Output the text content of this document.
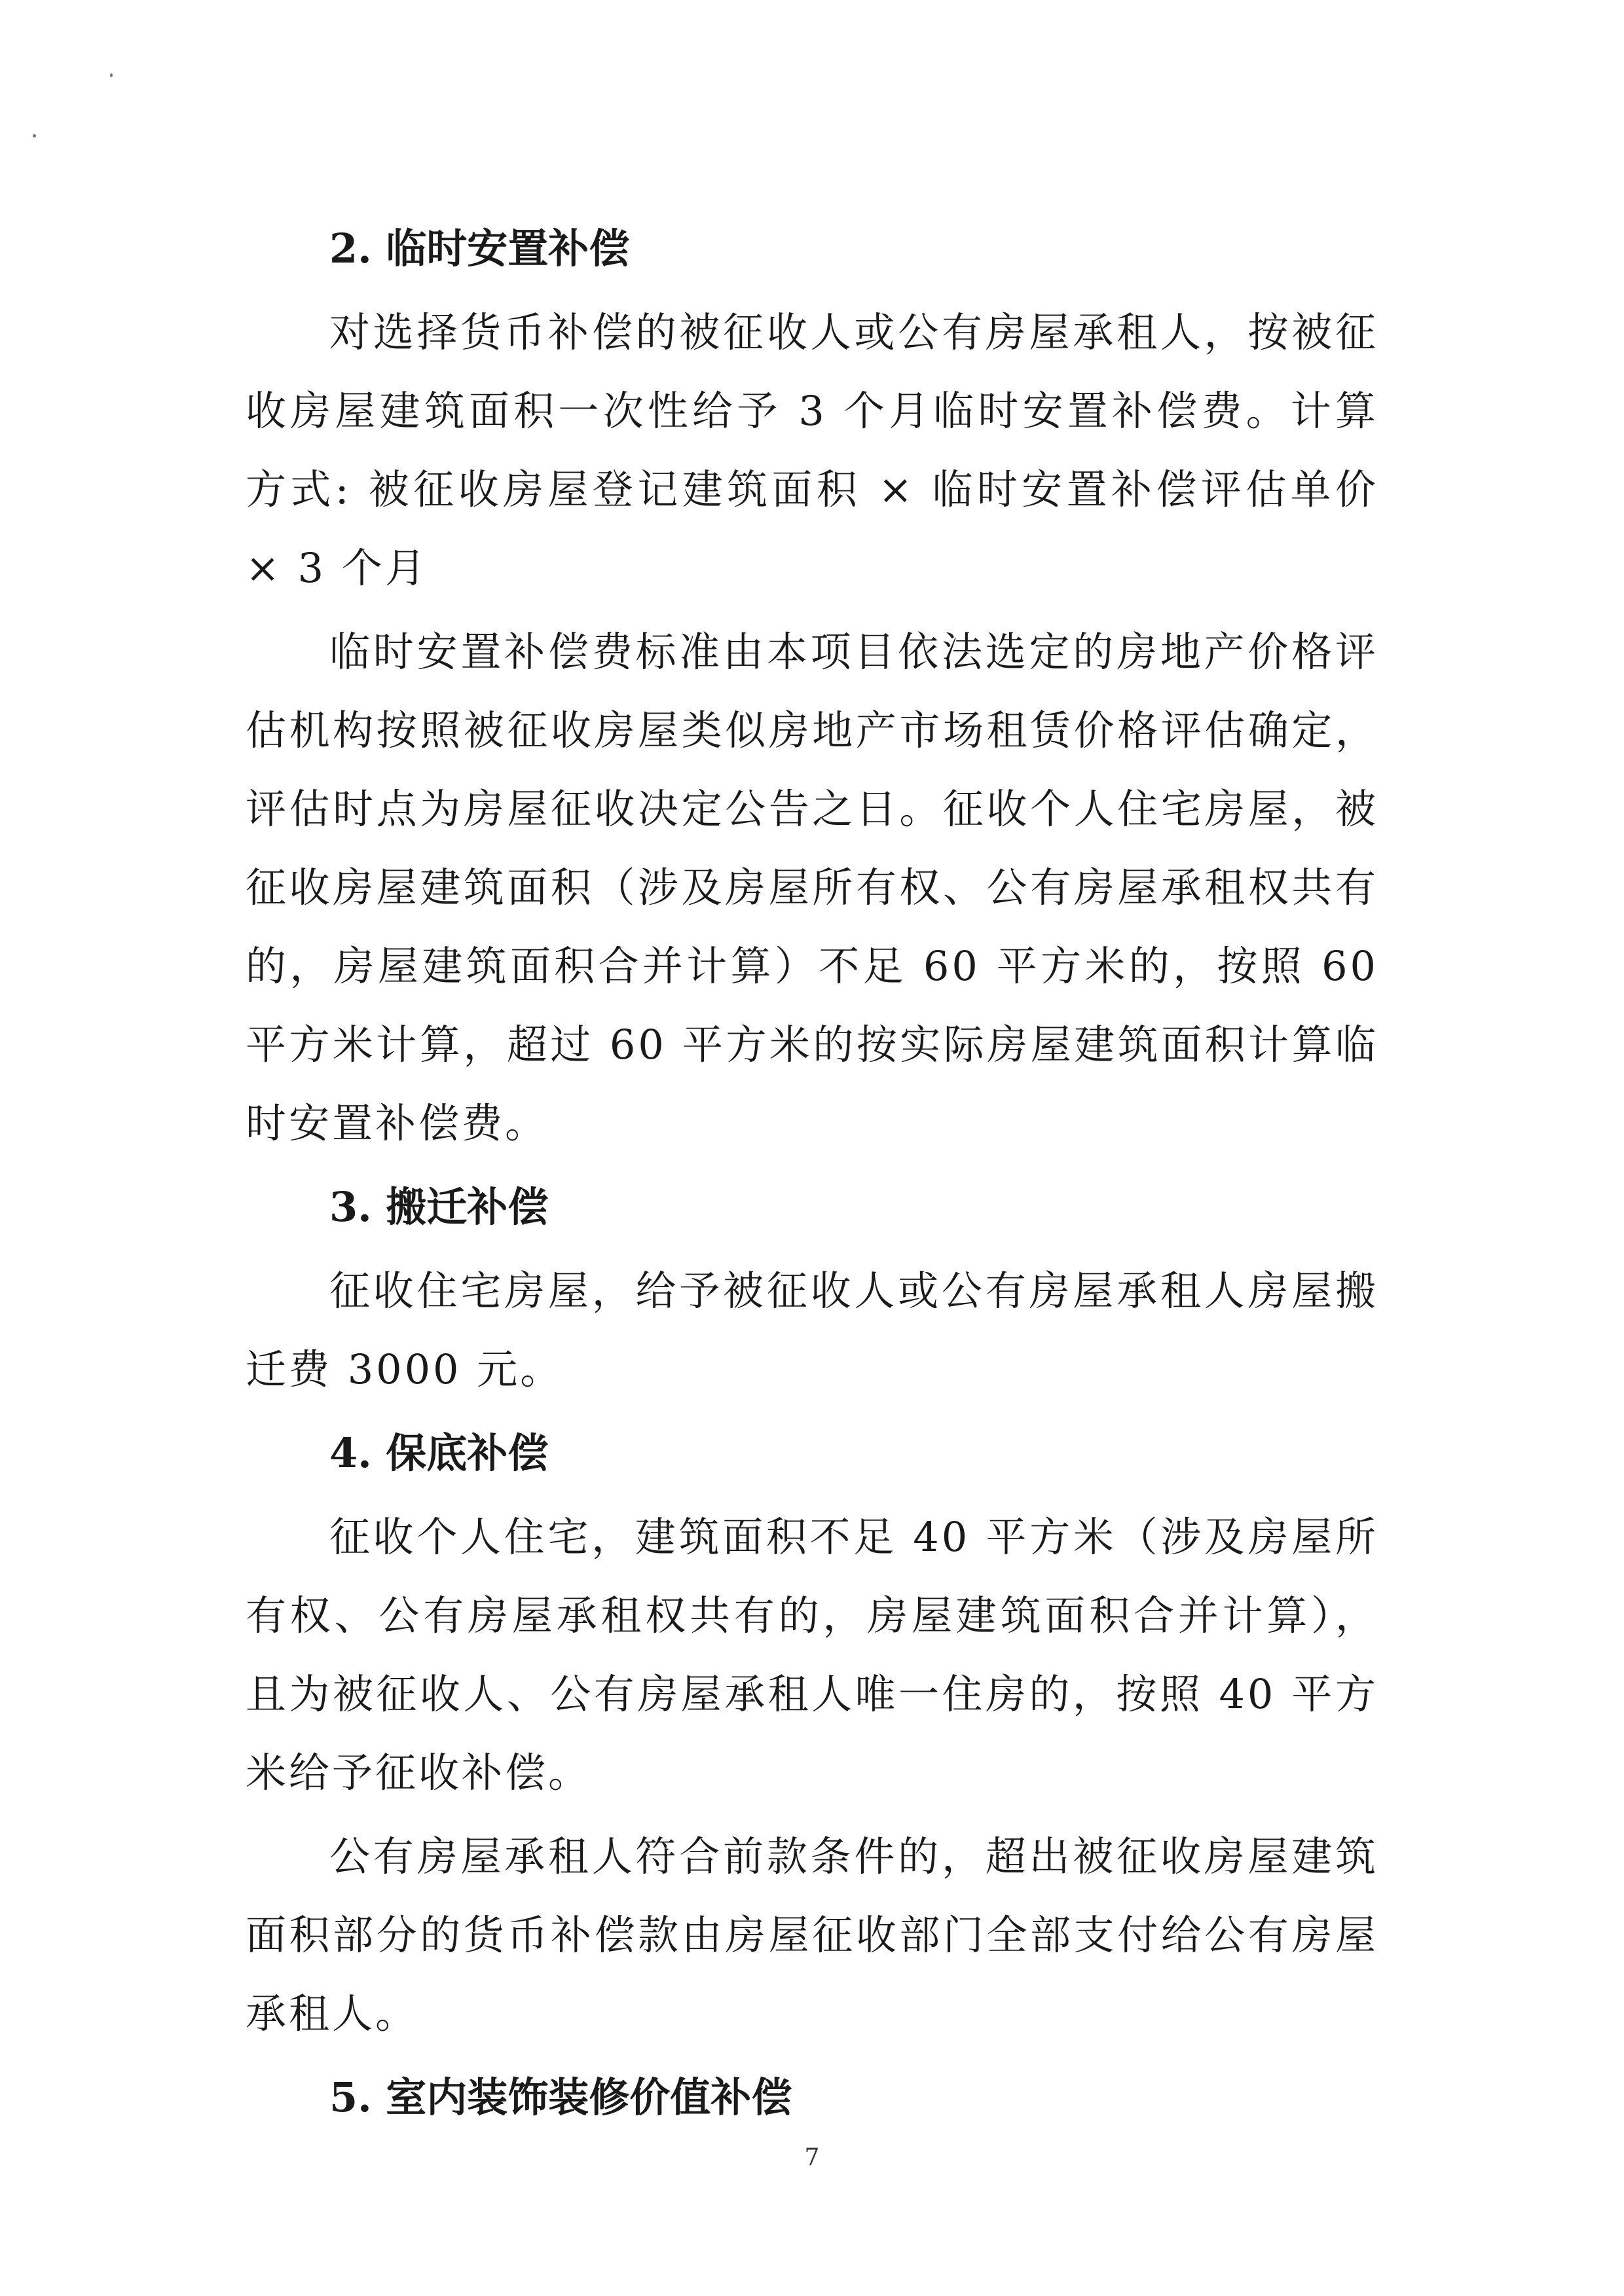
2. 临时安置补偿

对选择货币补偿的被征收人或公有房屋承租人，按被征收房屋建筑面积一次性给予 3 个月临时安置补偿费。计算方式: 被征收房屋登记建筑面积 × 临时安置补偿评估单价 × 3 个月

临时安置补偿费标准由本项目依法选定的房地产价格评估机构按照被征收房屋类似房地产市场租赁价格评估确定，评估时点为房屋征收决定公告之日。征收个人住宅房屋，被征收房屋建筑面积（涉及房屋所有权、公有房屋承租权共有的，房屋建筑面积合并计算）不足 60 平方米的，按照 60 平方米计算，超过 60 平方米的按实际房屋建筑面积计算临时安置补偿费。

3. 搬迁补偿

征收住宅房屋，给予被征收人或公有房屋承租人房屋搬迁费 3000 元。

4. 保底补偿

征收个人住宅，建筑面积不足 40 平方米（涉及房屋所有权、公有房屋承租权共有的，房屋建筑面积合并计算），且为被征收人、公有房屋承租人唯一住房的，按照 40 平方米给予征收补偿。

公有房屋承租人符合前款条件的，超出被征收房屋建筑面积部分的货币补偿款由房屋征收部门全部支付给公有房屋承租人。

5. 室内装饰装修价值补偿
7
